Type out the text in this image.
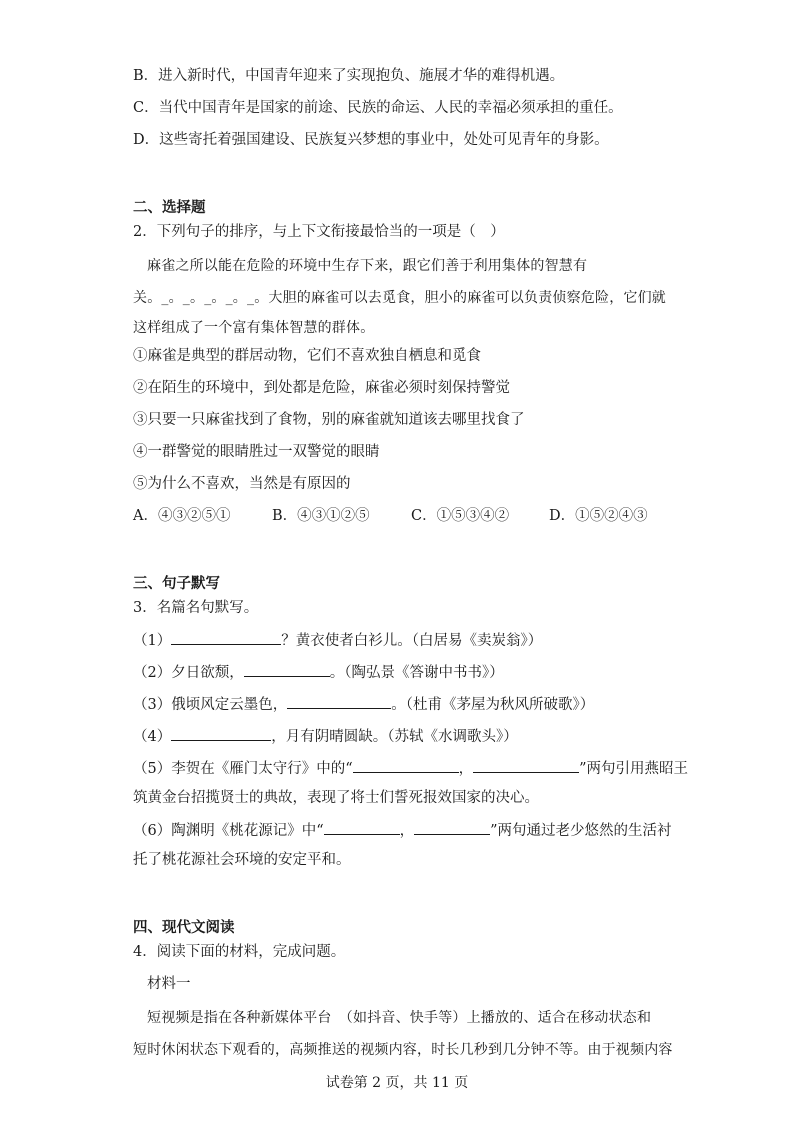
B．进入新时代，中国青年迎来了实现抱负、施展才华的难得机遇。
C．当代中国青年是国家的前途、民族的命运、人民的幸福必须承担的重任。
D．这些寄托着强国建设、民族复兴梦想的事业中，处处可见青年的身影。
二、选择题
2．下列句子的排序，与上下文衔接最恰当的一项是（　）
麻雀之所以能在危险的环境中生存下来，跟它们善于利用集体的智慧有
关。_。_。_。_。_。大胆的麻雀可以去觅食，胆小的麻雀可以负责侦察危险，它们就
这样组成了一个富有集体智慧的群体。
①麻雀是典型的群居动物，它们不喜欢独自栖息和觅食
②在陌生的环境中，到处都是危险，麻雀必须时刻保持警觉
③只要一只麻雀找到了食物，别的麻雀就知道该去哪里找食了
④一群警觉的眼睛胜过一双警觉的眼睛
⑤为什么不喜欢，当然是有原因的
A．④③②⑤①	B．④③①②⑤	C．①⑤③④②	D．①⑤②④③
三、句子默写
3．名篇名句默写。
（1）	？黄衣使者白衫儿。（白居易《卖炭翁》）
（2）夕日欲颓，	。（陶弘景《答谢中书书》）
（3）俄顷风定云墨色，	。（杜甫《茅屋为秋风所破歌》）
（4）	，月有阴晴圆缺。（苏轼《水调歌头》）
（5）李贺在《雁门太守行》中的“	，	”两句引用燕昭王
筑黄金台招揽贤士的典故，表现了将士们誓死报效国家的决心。
（6）陶渊明《桃花源记》中“	，	”两句通过老少悠然的生活衬
托了桃花源社会环境的安定平和。
四、现代文阅读
4．阅读下面的材料，完成问题。
材料一
短视频是指在各种新媒体平台　（如抖音、快手等）上播放的、适合在移动状态和
短时休闲状态下观看的，高频推送的视频内容，时长几秒到几分钟不等。由于视频内容
试卷第 2 页，共 11 页
